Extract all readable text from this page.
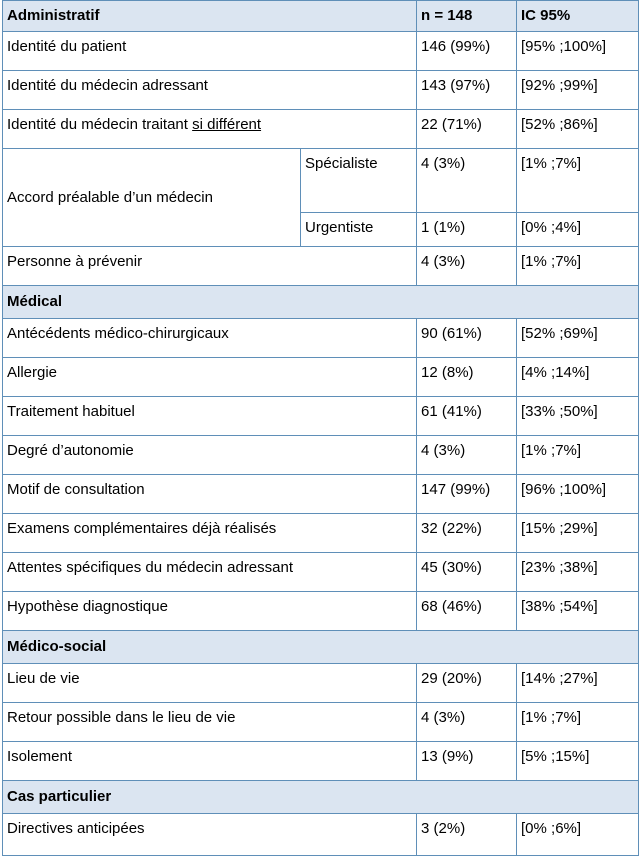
Administratif		n = 148	IC 95%
Identité du patient		146 (99%)	[95% ;100%]
Identité du médecin adressant		143 (97%)	[92% ;99%]
Identité du médecin traitant si différent		22 (71%)	[52% ;86%]
Accord préalable d’un médecin	Spécialiste	4 (3%)	[1% ;7%]
	Urgentiste	1 (1%)	[0% ;4%]
Personne à prévenir		4 (3%)	[1% ;7%]
Médical			
Antécédents médico-chirurgicaux		90 (61%)	[52% ;69%]
Allergie		12 (8%)	[4% ;14%]
Traitement habituel		61 (41%)	[33% ;50%]
Degré d’autonomie		4 (3%)	[1% ;7%]
Motif de consultation		147 (99%)	[96% ;100%]
Examens complémentaires déjà réalisés		32 (22%)	[15% ;29%]
Attentes spécifiques du médecin adressant		45 (30%)	[23% ;38%]
Hypothèse diagnostique		68 (46%)	[38% ;54%]
Médico-social			
Lieu de vie		29 (20%)	[14% ;27%]
Retour possible dans le lieu de vie		4 (3%)	[1% ;7%]
Isolement		13 (9%)	[5% ;15%]
Cas particulier			
Directives anticipées		3 (2%)	[0% ;6%]
